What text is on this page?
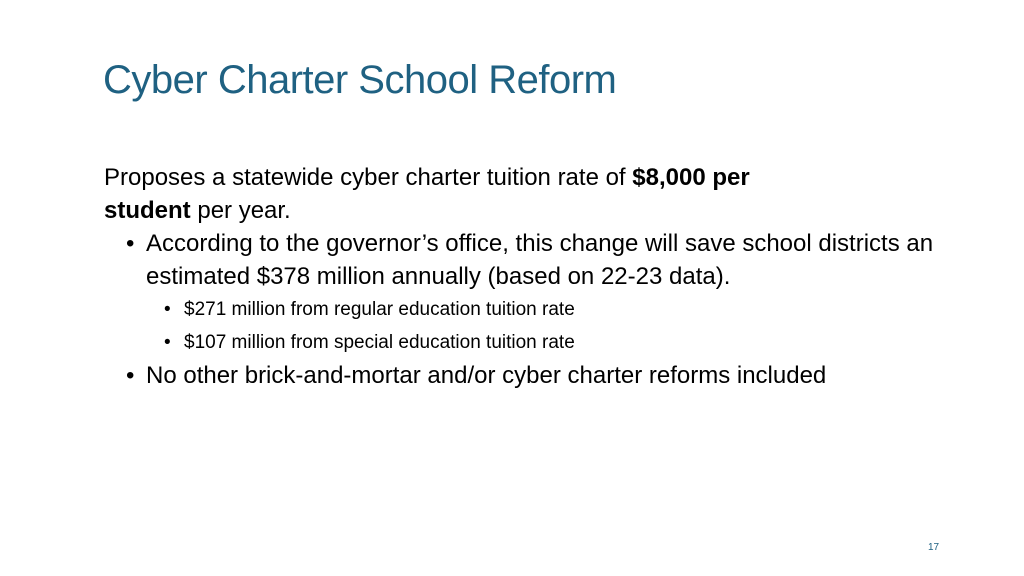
Cyber Charter School Reform

Proposes a statewide cyber charter tuition rate of $8,000 per
student per year.

• According to the governor’s office, this change will save school districts an estimated $378 million annually (based on 22-23 data).
• $271 million from regular education tuition rate
• $107 million from special education tuition rate
• No other brick-and-mortar and/or cyber charter reforms included
17
